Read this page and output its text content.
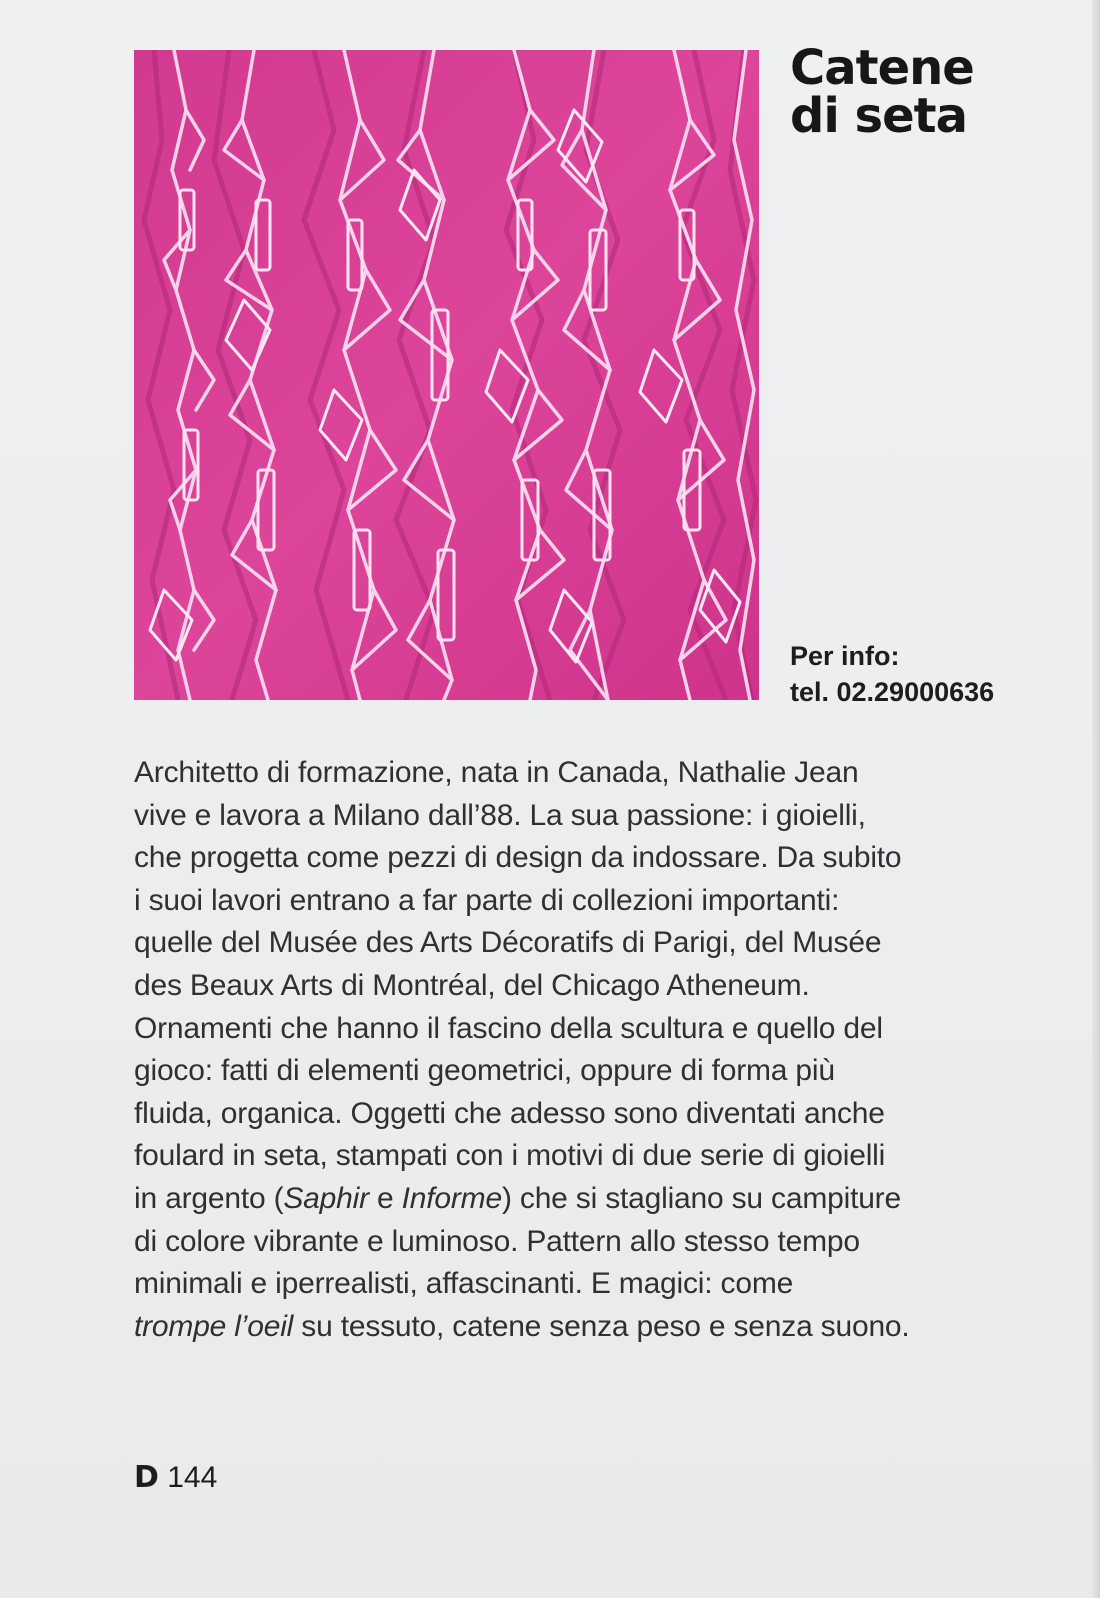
Catene
di seta
Per info:
tel. 02.29000636

Architetto di formazione, nata in Canada, Nathalie Jean
vive e lavora a Milano dall’88. La sua passione: i gioielli,
che progetta come pezzi di design da indossare. Da subito
i suoi lavori entrano a far parte di collezioni importanti:
quelle del Musée des Arts Décoratifs di Parigi, del Musée
des Beaux Arts di Montréal, del Chicago Atheneum.
Ornamenti che hanno il fascino della scultura e quello del
gioco: fatti di elementi geometrici, oppure di forma più
fluida, organica. Oggetti che adesso sono diventati anche
foulard in seta, stampati con i motivi di due serie di gioielli
in argento (Saphir e Informe) che si stagliano su campiture
di colore vibrante e luminoso. Pattern allo stesso tempo
minimali e iperrealisti, affascinanti. E magici: come
trompe l’oeil su tessuto, catene senza peso e senza suono.

D 144
